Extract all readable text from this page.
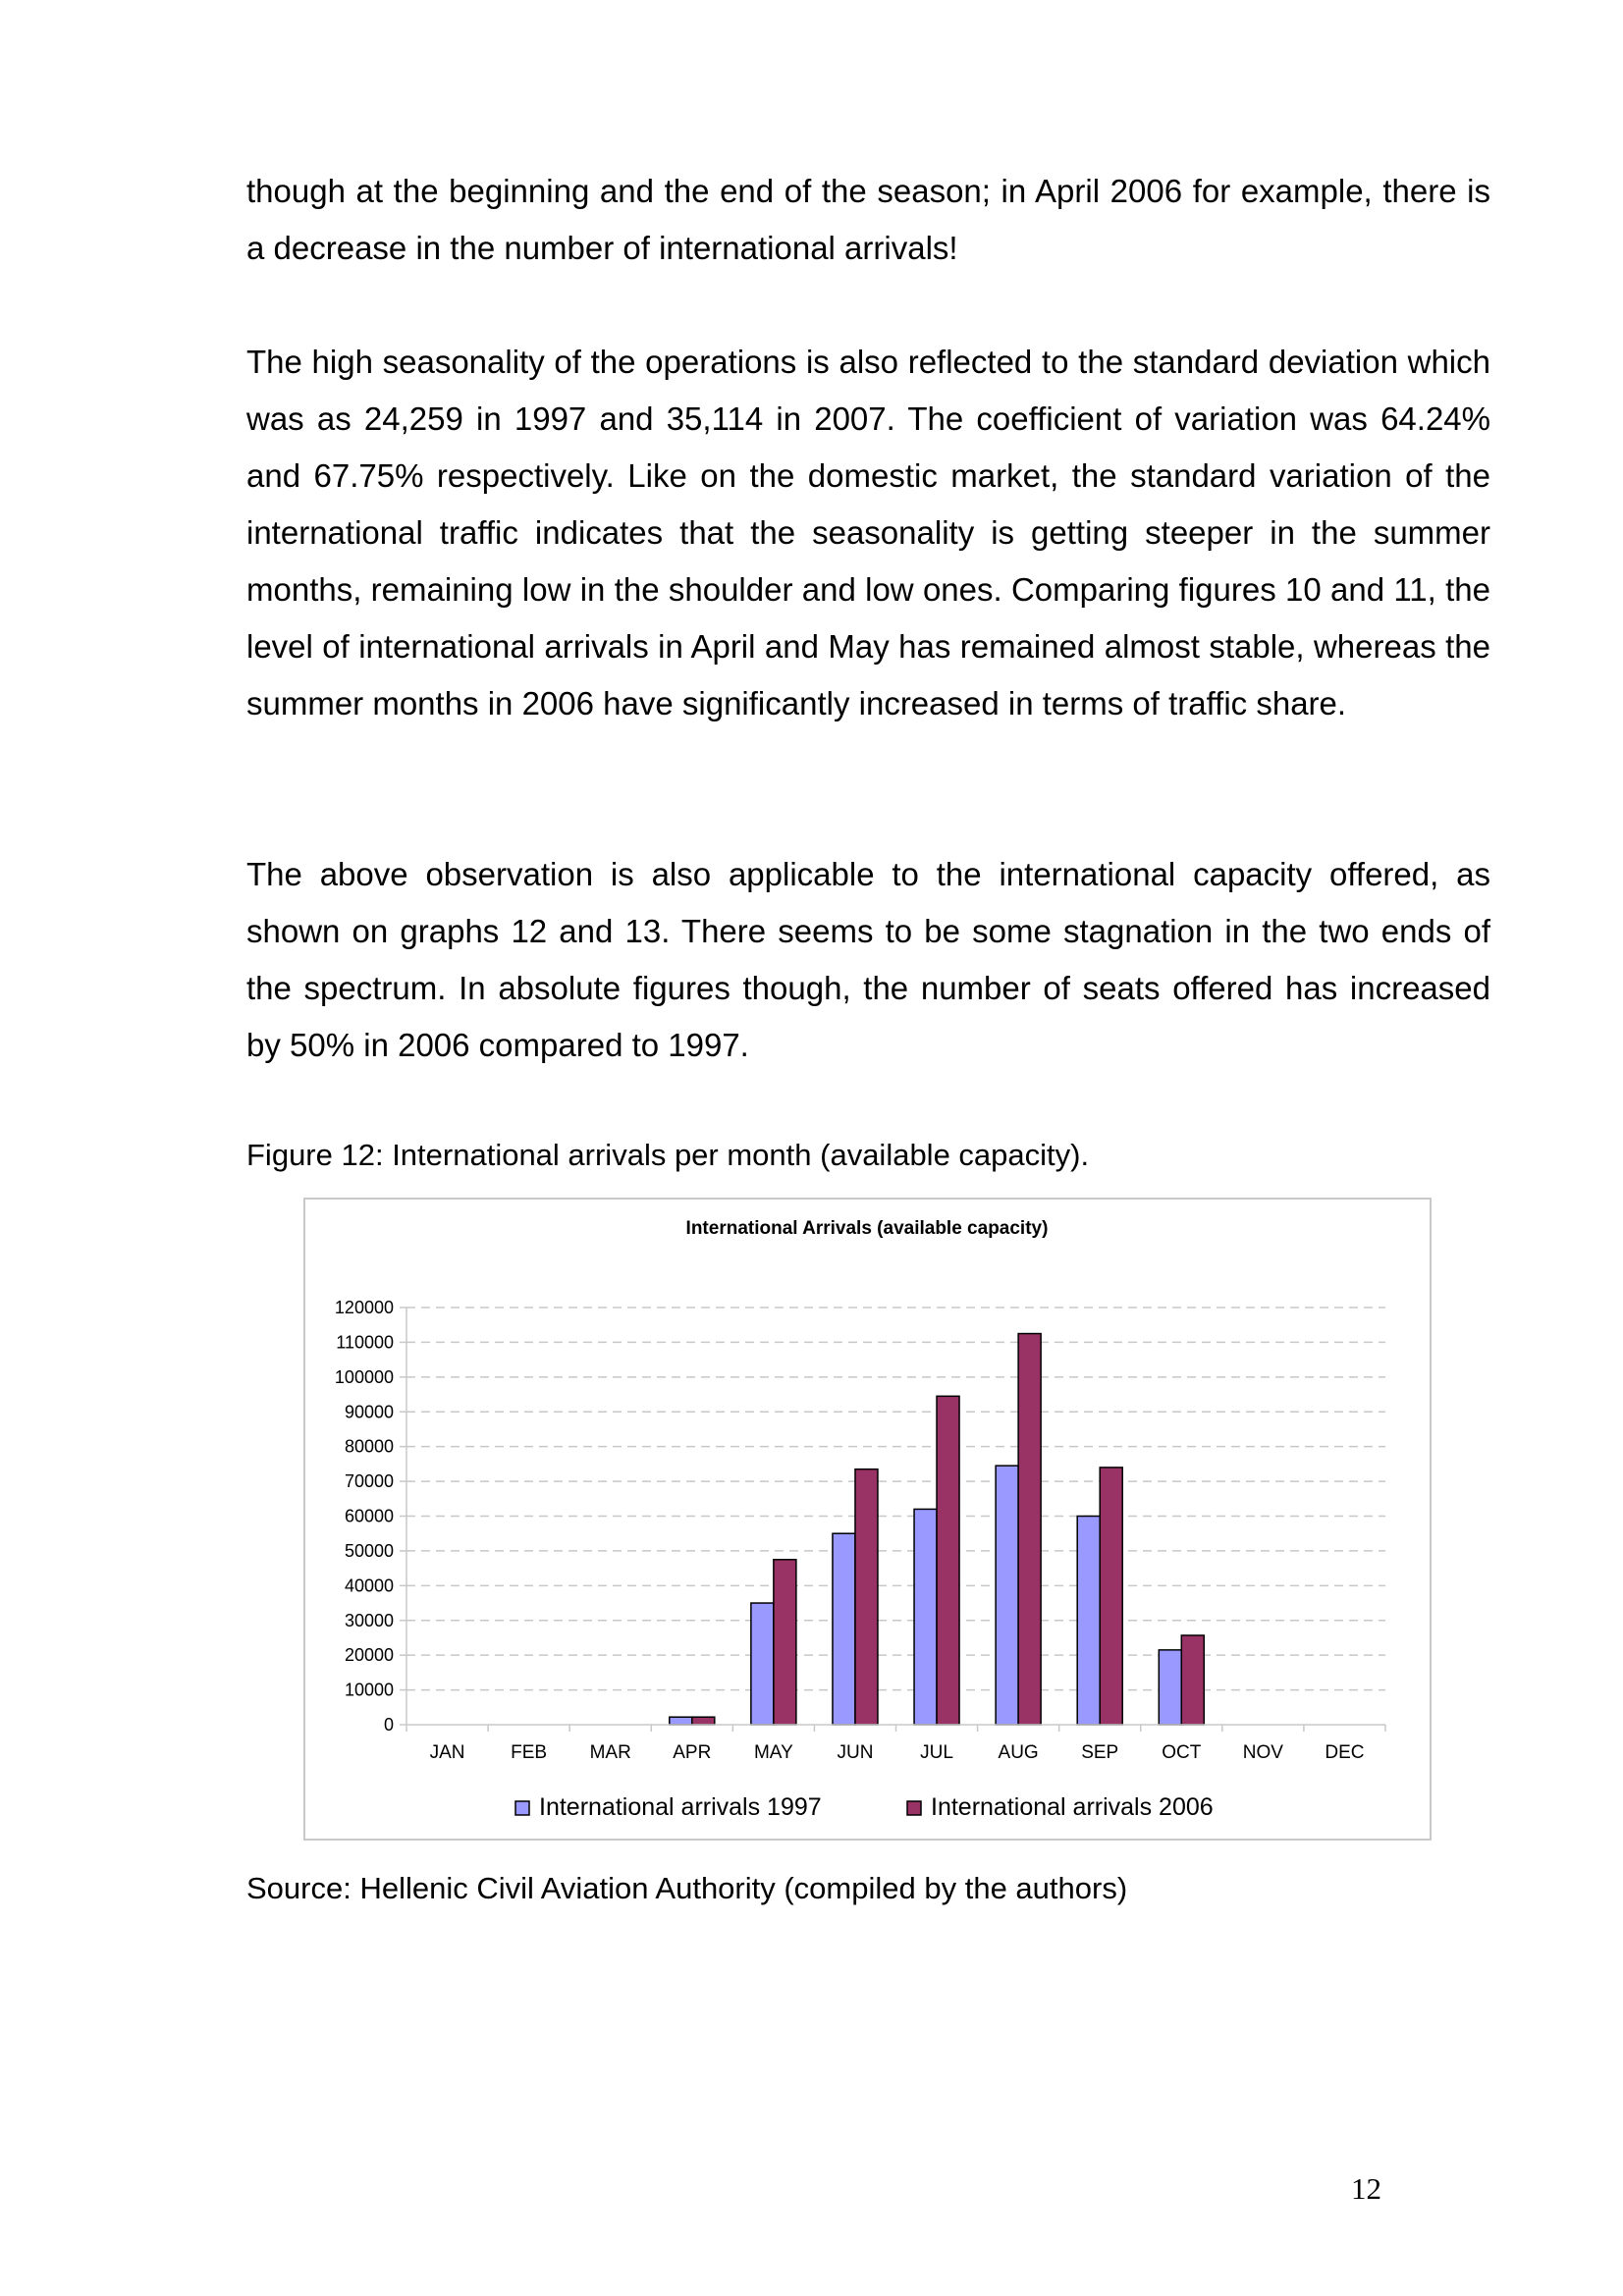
though at the beginning and the end of the season; in April 2006 for example, there is a decrease in the number of international arrivals!

The high seasonality of the operations is also reflected to the standard deviation which was as 24,259 in 1997 and 35,114 in 2007. The coefficient of variation was 64.24% and 67.75% respectively. Like on the domestic market, the standard variation of the international traffic indicates that the seasonality is getting steeper in the summer months, remaining low in the shoulder and low ones. Comparing figures 10 and 11, the level of international arrivals in April and May has remained almost stable, whereas the summer months in 2006 have significantly increased in terms of traffic share.

The above observation is also applicable to the international capacity offered, as shown on graphs 12 and 13. There seems to be some stagnation in the two ends of the spectrum. In absolute figures though, the number of seats offered has increased by 50% in 2006 compared to 1997.

Figure 12: International arrivals per month (available capacity).
International Arrivals (available capacity)
0
10000
20000
30000
40000
50000
60000
70000
80000
90000
100000
110000
120000
JAN FEB MAR APR MAY JUN	JUL AUG SEP OCT NOV DEC
International arrivals 1997	International arrivals 2006
Source: Hellenic Civil Aviation Authority (compiled by the authors)
12
